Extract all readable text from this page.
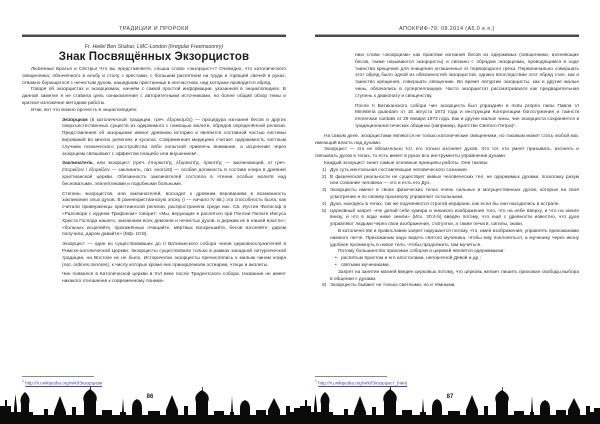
ТРАДИЦИИ И ПРОРОКИ
Fr. Heilel Ben Shahar, LMC-London (Irregular Freemasonry)
Знак Посвящённых Экзорцистов
Любезные Братья и Сёстры! Что вы представляете, слыша слово «экзорцист»? Очевидно, что католического священника, облачённого в альбу и столу с крестами, с большим распятием на груди и горящей свечей в руках, отважно борющегося с нечистым духом, нашедшим пристанище в несчастном, над которым проводится обряд.
Говоря об экзорцистах и экзорцизмах, начнём с самой простой информации, указанной в энциклопедиях. В данной заметке я не ставила цель ознакомления с авторитетными источниками, но более общий обзор темы и краткое изложение методики работы.
Итак, вот что можно прочесть в энциклопедиях:
Экзорцизм (в католической традиции, греч. ἐξορκισμός) — процедура изгнания бесов и других сверхъестественных существ из одержимого с помощью молитв, обрядов определённой религии. Представления об экзорцизме имеют древнюю историю и являются составной частью системы верований во многих религиях и культах. Современная медицина считает одержимость частным случаем психического расстройства либо попыткой привлечь внимание, а исцеление через экзорцизм связывают с эффектом плацебо или внушением¹.
Заклинатель, или экзорцист (греч. ἐπορκιστής, ἐξορκιστής, ὁρκιστής — заклинающий, от греч. ἐπορκίζειν / ἐξορκίζειν — заклинать, лат. exorcist) — особая должность в составе клира в древней христианской церкви. Обязанность заклинателей состояла в чтении особых молитв над бесноватыми, эпилептиками и подобными больными.
Степень экзорцистов, или заклинателей, восходит к древним верованиям в возможность заклинания злых духов. В раннехристианскую эпоху (I — начало IV вв.) эта способность была, как считали приверженцы христианской религии, распространена среди них. Св. Иустин Философ в «Разговоре с иудеем Трифоном» говорит: «Мы, верующие в распятого при Понтии Пилате Иисуса Христа Господа нашего, заклинаем всех демонов и нечистых духов, и держим их в нашей власти»; «больных исцеляйте, прокажённых очищайте, мёртвых воскрешайте, бесов изгоняйте; даром получили, даром давайте» (Мф. 10:8).
Экзорцист — один из существовавших до II Ватиканского собора чинов церковнослужителей в Римско-католической Церкви. Экзорцисты существовали только в рамках западной литургической традиции, на Востоке их не было. Исторически экзорцисты причислялись к малым чинам клира (лат. ordines minores), к числу которых кроме них принадлежали остиарии, чтецы и аколиты.
Чин появился в Католической церкви в XVI веке после Тридентского собора. Название не имеет никакого отношения к современному понима-
$^1$ http://ru.wikipedia.org/wiki/Экзорцизм
86
АПОКРИФ-79: 08.2014 (A5.0 e.n.)
нию слова «экзорцизм» как практики изгнания бесов из одержимых (священники, изгоняющие бесов, также называются экзорцисты) и связано с обрядом экзорцизма, проводящимся в ходе таинства крещения для очищения оглашенных от первородного греха. Первоначально совершать этот обряд было одной из обязанностей экзорцистов, однако впоследствии этот обряд стал, как и таинство крещения, совершать священник. Во время литургии экзорцисты, как и другие малые чины, облачались в суперпеллицеум. Часто экзорцистат рассматривался как предварительная ступень к диаконату и священству.
После II Ватиканского собора чин экзорциста был упразднён в motu proprio папы Павла VI Ministeria quaedam от 15 августа 1972 года и инструкции Конгрегации богослужения и таинств Immensae caritatis от 29 января 1973 года. Как и другие малые чины, чин экзорциста сохраняется в традиционалистических общинах (например, Братстве Святого Петра)¹.
На самом деле, экзорцистами являются не только католические священники, но таковым может стать любой маг, имеющий власть над духами.
Экзорцист — это не обязательно тот, кто только изгоняет духов. Это тот, кто умеет призывать, изгонять и связывать духов в телах, то есть имеет в руках все инструменты управления духами.
Каждый экзорцист знает самые основные принципы работы. Они таковы:
1) Дух суть ментальная составляющая человеческого сознания.
2) В физической реальности не существует живых человеческих тел, не одержимых духами, поскольку разум или сознание человека — это и есть его Дух.
3) Экзорцисты имеют в своих физических телах очень сильных и могущественных духов, которые на своё усмотрение и по своему произволу управляют остальными.
4) Духи, находясь в телах, так же подчиняются строгой иерархии, как если бы они находились в астрале.
5) Церковный запрет «Не делай себе кумира и никакого изображения того, что на небе вверху, и что на земле внизу, и что в воде ниже земли» (Исх. 20:4-5) введён потому, что ещё с древности известно, что духи управляют людьми через свои изображения, статуэтки, а также печати, сигилы, знаки.
В католичестве и православии запрет нарушается потому, что, имея изображения, управлять прихожанами намного легче. Прихожанам надо видеть святого мученика, чтобы ему поклоняться, а мученику через икону удобнее проникнуть в новое тело, чтобы продолжить там мучиться.
Потому большинство прихожан соборов и церквей является одержимыми:
• распятым Христом и его апостолами, непорочной Девой и др.;
• святыми мучениками.
Запрет на занятие магией введён церковью потому, что церковь желает лишить прихожан свободы выбора в общении с духами.
6) Экзорцисты бывают не только светлыми, но и тёмными.
$^1$ http://ru.wikipedia.org/wiki/Экзорцист_(чин)
87
